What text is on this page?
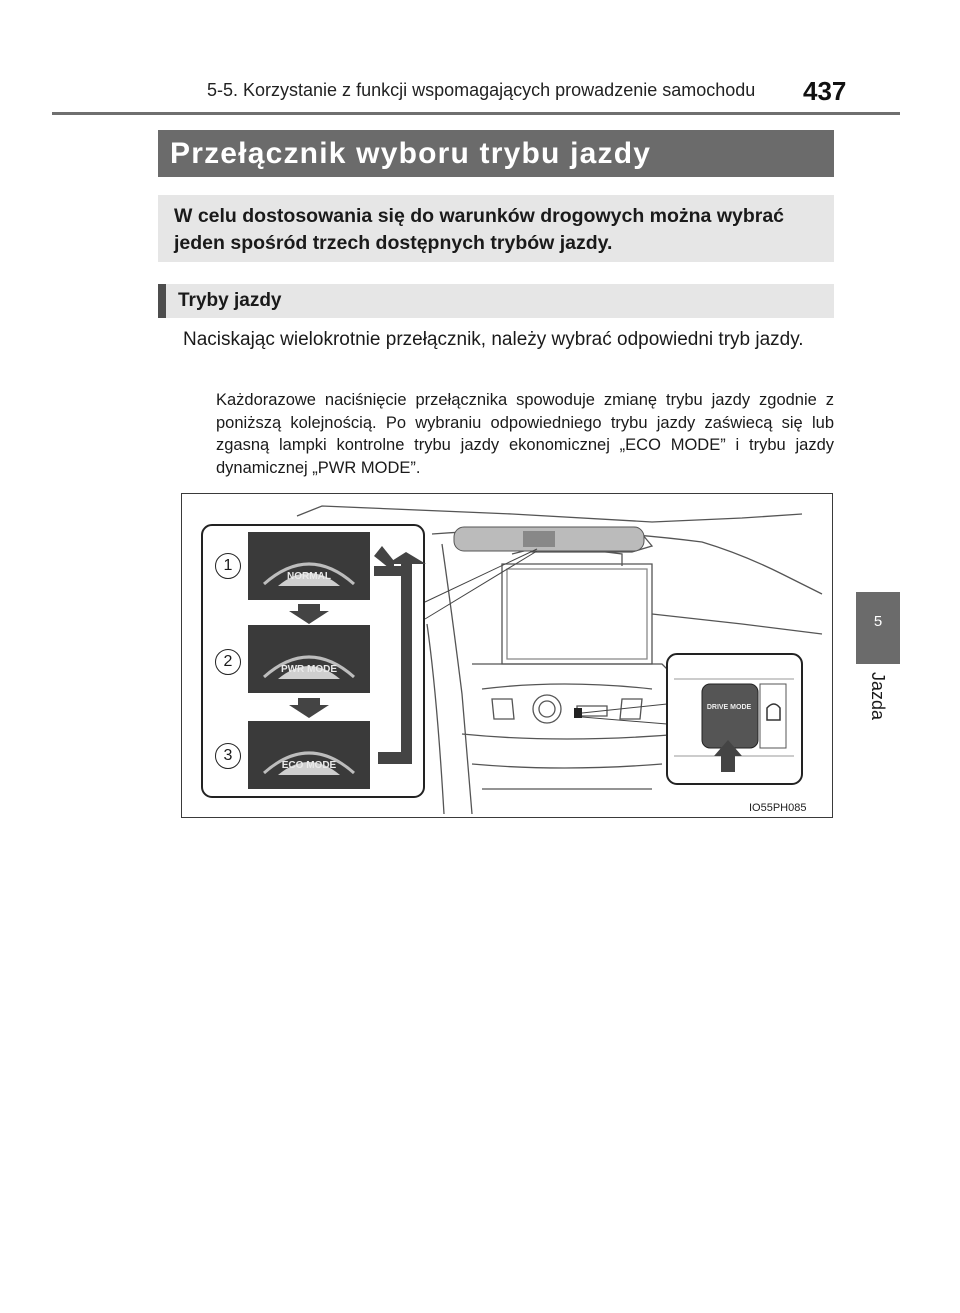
5-5. Korzystanie z funkcji wspomagających prowadzenie samochodu 437
Przełącznik wyboru trybu jazdy
W celu dostosowania się do warunków drogowych można wybrać jeden spośród trzech dostępnych trybów jazdy.
Tryby jazdy
Naciskając wielokrotnie przełącznik, należy wybrać odpowiedni tryb jazdy.
Każdorazowe naciśnięcie przełącznika spowoduje zmianę trybu jazdy zgodnie z poniższą kolejnością. Po wybraniu odpowiedniego trybu jazdy zaświecą się lub zgasną lampki kontrolne trybu jazdy ekonomicznej „ECO MODE” i trybu jazdy dynamicznej „PWR MODE”.
1
2
3
NORMAL
PWR MODE
ECO MODE
DRIVE MODE
IO55PH085
5
Jazda
